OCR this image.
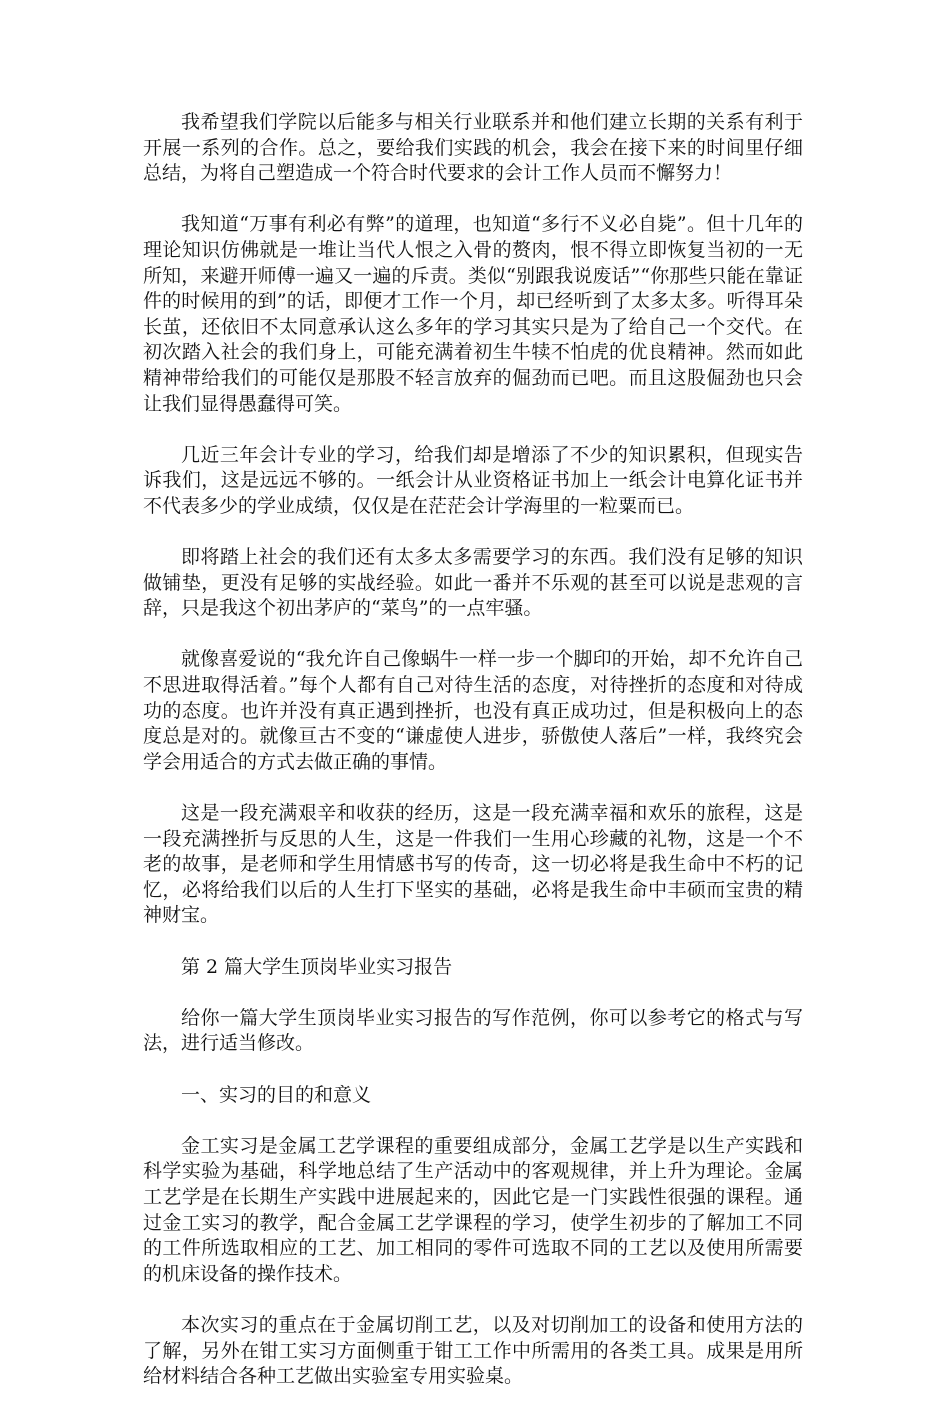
我希望我们学院以后能多与相关行业联系并和他们建立长期的关系有利于开展一系列的合作。总之，要给我们实践的机会，我会在接下来的时间里仔细总结，为将自己塑造成一个符合时代要求的会计工作人员而不懈努力！

我知道“万事有利必有弊”的道理，也知道“多行不义必自毙”。但十几年的理论知识仿佛就是一堆让当代人恨之入骨的赘肉，恨不得立即恢复当初的一无所知，来避开师傅一遍又一遍的斥责。类似“别跟我说废话”“你那些只能在靠证件的时候用的到”的话，即便才工作一个月，却已经听到了太多太多。听得耳朵长茧，还依旧不太同意承认这么多年的学习其实只是为了给自己一个交代。在初次踏入社会的我们身上，可能充满着初生牛犊不怕虎的优良精神。然而如此精神带给我们的可能仅是那股不轻言放弃的倔劲而已吧。而且这股倔劲也只会让我们显得愚蠢得可笑。

几近三年会计专业的学习，给我们却是增添了不少的知识累积，但现实告诉我们，这是远远不够的。一纸会计从业资格证书加上一纸会计电算化证书并不代表多少的学业成绩，仅仅是在茫茫会计学海里的一粒粟而已。

即将踏上社会的我们还有太多太多需要学习的东西。我们没有足够的知识做铺垫，更没有足够的实战经验。如此一番并不乐观的甚至可以说是悲观的言辞，只是我这个初出茅庐的“菜鸟”的一点牢骚。

就像喜爱说的“我允许自己像蜗牛一样一步一个脚印的开始，却不允许自己不思进取得活着。”每个人都有自己对待生活的态度，对待挫折的态度和对待成功的态度。也许并没有真正遇到挫折，也没有真正成功过，但是积极向上的态度总是对的。就像亘古不变的“谦虚使人进步，骄傲使人落后”一样，我终究会学会用适合的方式去做正确的事情。

这是一段充满艰辛和收获的经历，这是一段充满幸福和欢乐的旅程，这是一段充满挫折与反思的人生，这是一件我们一生用心珍藏的礼物，这是一个不老的故事，是老师和学生用情感书写的传奇，这一切必将是我生命中不朽的记忆，必将给我们以后的人生打下坚实的基础，必将是我生命中丰硕而宝贵的精神财宝。

第 2 篇大学生顶岗毕业实习报告

给你一篇大学生顶岗毕业实习报告的写作范例，你可以参考它的格式与写法，进行适当修改。

一、实习的目的和意义

金工实习是金属工艺学课程的重要组成部分，金属工艺学是以生产实践和科学实验为基础，科学地总结了生产活动中的客观规律，并上升为理论。金属工艺学是在长期生产实践中进展起来的，因此它是一门实践性很强的课程。通过金工实习的教学，配合金属工艺学课程的学习，使学生初步的了解加工不同的工件所选取相应的工艺、加工相同的零件可选取不同的工艺以及使用所需要的机床设备的操作技术。

本次实习的重点在于金属切削工艺，以及对切削加工的设备和使用方法的了解，另外在钳工实习方面侧重于钳工工作中所需用的各类工具。成果是用所给材料结合各种工艺做出实验室专用实验桌。
